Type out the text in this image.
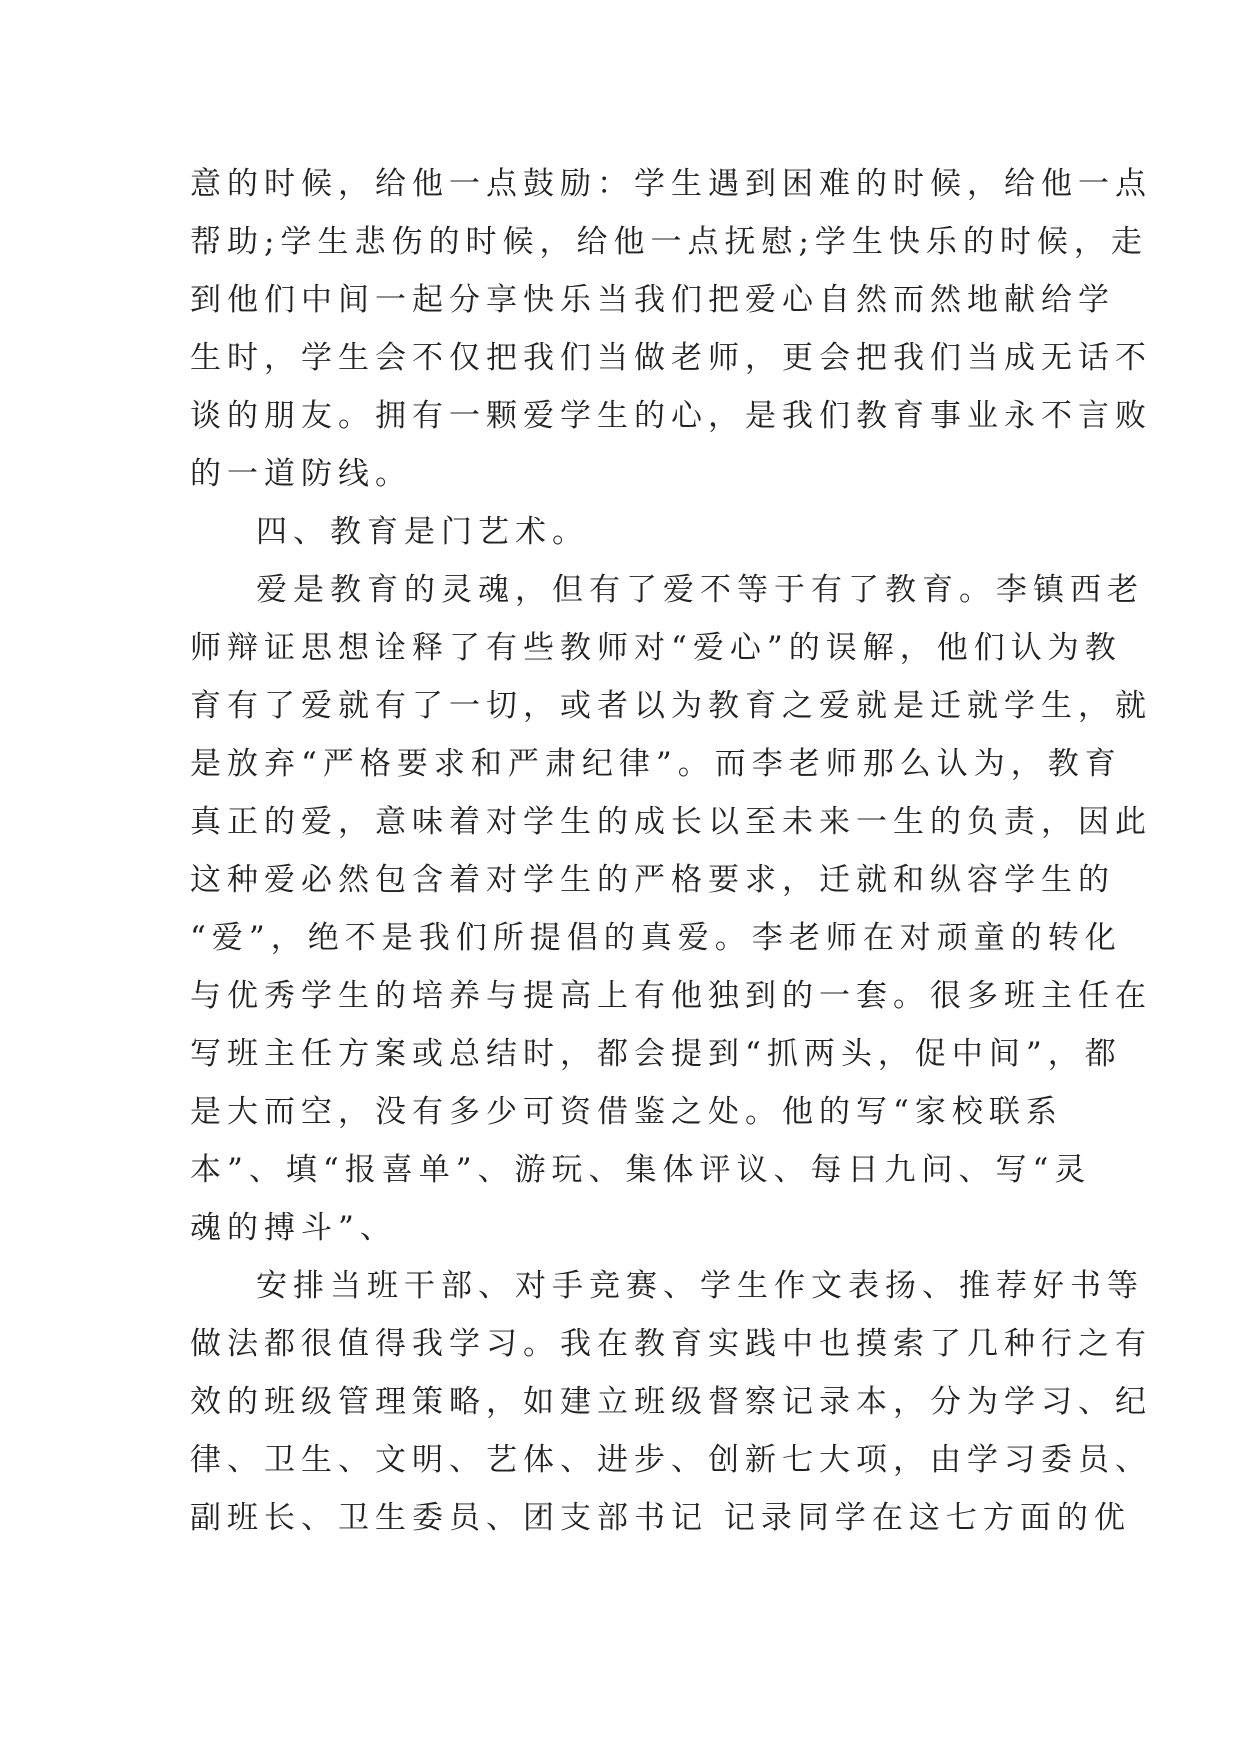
意的时候，给他一点鼓励：学生遇到困难的时候，给他一点
帮助;学生悲伤的时候，给他一点抚慰;学生快乐的时候，走
到他们中间一起分享快乐当我们把爱心自然而然地献给学
生时，学生会不仅把我们当做老师，更会把我们当成无话不
谈的朋友。拥有一颗爱学生的心，是我们教育事业永不言败
的一道防线。
四、教育是门艺术。
爱是教育的灵魂，但有了爱不等于有了教育。李镇西老
师辩证思想诠释了有些教师对“爱心”的误解，他们认为教
育有了爱就有了一切，或者以为教育之爱就是迁就学生，就
是放弃“严格要求和严肃纪律”。而李老师那么认为，教育
真正的爱，意味着对学生的成长以至未来一生的负责，因此
这种爱必然包含着对学生的严格要求，迁就和纵容学生的
“爱”，绝不是我们所提倡的真爱。李老师在对顽童的转化
与优秀学生的培养与提高上有他独到的一套。很多班主任在
写班主任方案或总结时，都会提到“抓两头，促中间”，都
是大而空，没有多少可资借鉴之处。他的写“家校联系
本”、填“报喜单”、游玩、集体评议、每日九问、写“灵
魂的搏斗”、
安排当班干部、对手竞赛、学生作文表扬、推荐好书等
做法都很值得我学习。我在教育实践中也摸索了几种行之有
效的班级管理策略，如建立班级督察记录本，分为学习、纪
律、卫生、文明、艺体、进步、创新七大项，由学习委员、
副班长、卫生委员、团支部书记 记录同学在这七方面的优
